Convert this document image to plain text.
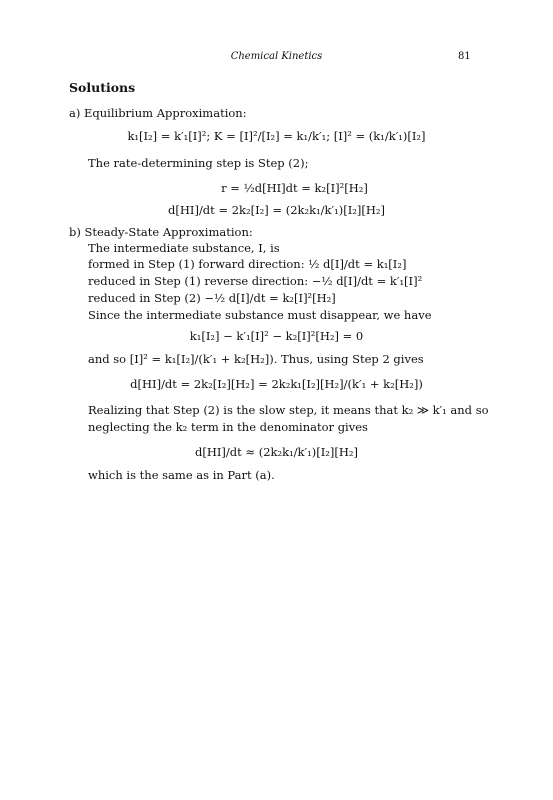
Chemical Kinetics	81
Solutions
a) Equilibrium Approximation:
k₁[I₂] = k′₁[I]²; K = [I]²/[I₂] = k₁/k′₁; [I]² = (k₁/k′₁)[I₂]
The rate-determining step is Step (2);
r = ½d[HI]dt = k₂[I]²[H₂]
d[HI]/dt = 2k₂[I₂] = (2k₂k₁/k′₁)[I₂][H₂]
b) Steady-State Approximation:
The intermediate substance, I, is
formed in Step (1) forward direction: ½ d[I]/dt = k₁[I₂]
reduced in Step (1) reverse direction: −½ d[I]/dt = k′₁[I]²
reduced in Step (2) −½ d[I]/dt = k₂[I]²[H₂]
Since the intermediate substance must disappear, we have
k₁[I₂] − k′₁[I]² − k₂[I]²[H₂] = 0
and so [I]² = k₁[I₂]/(k′₁ + k₂[H₂]). Thus, using Step 2 gives
d[HI]/dt = 2k₂[I₂][H₂] = 2k₂k₁[I₂][H₂]/(k′₁ + k₂[H₂])
Realizing that Step (2) is the slow step, it means that k₂ ≫ k′₁ and so
neglecting the k₂ term in the denominator gives
d[HI]/dt ≈ (2k₂k₁/k′₁)[I₂][H₂]
which is the same as in Part (a).
